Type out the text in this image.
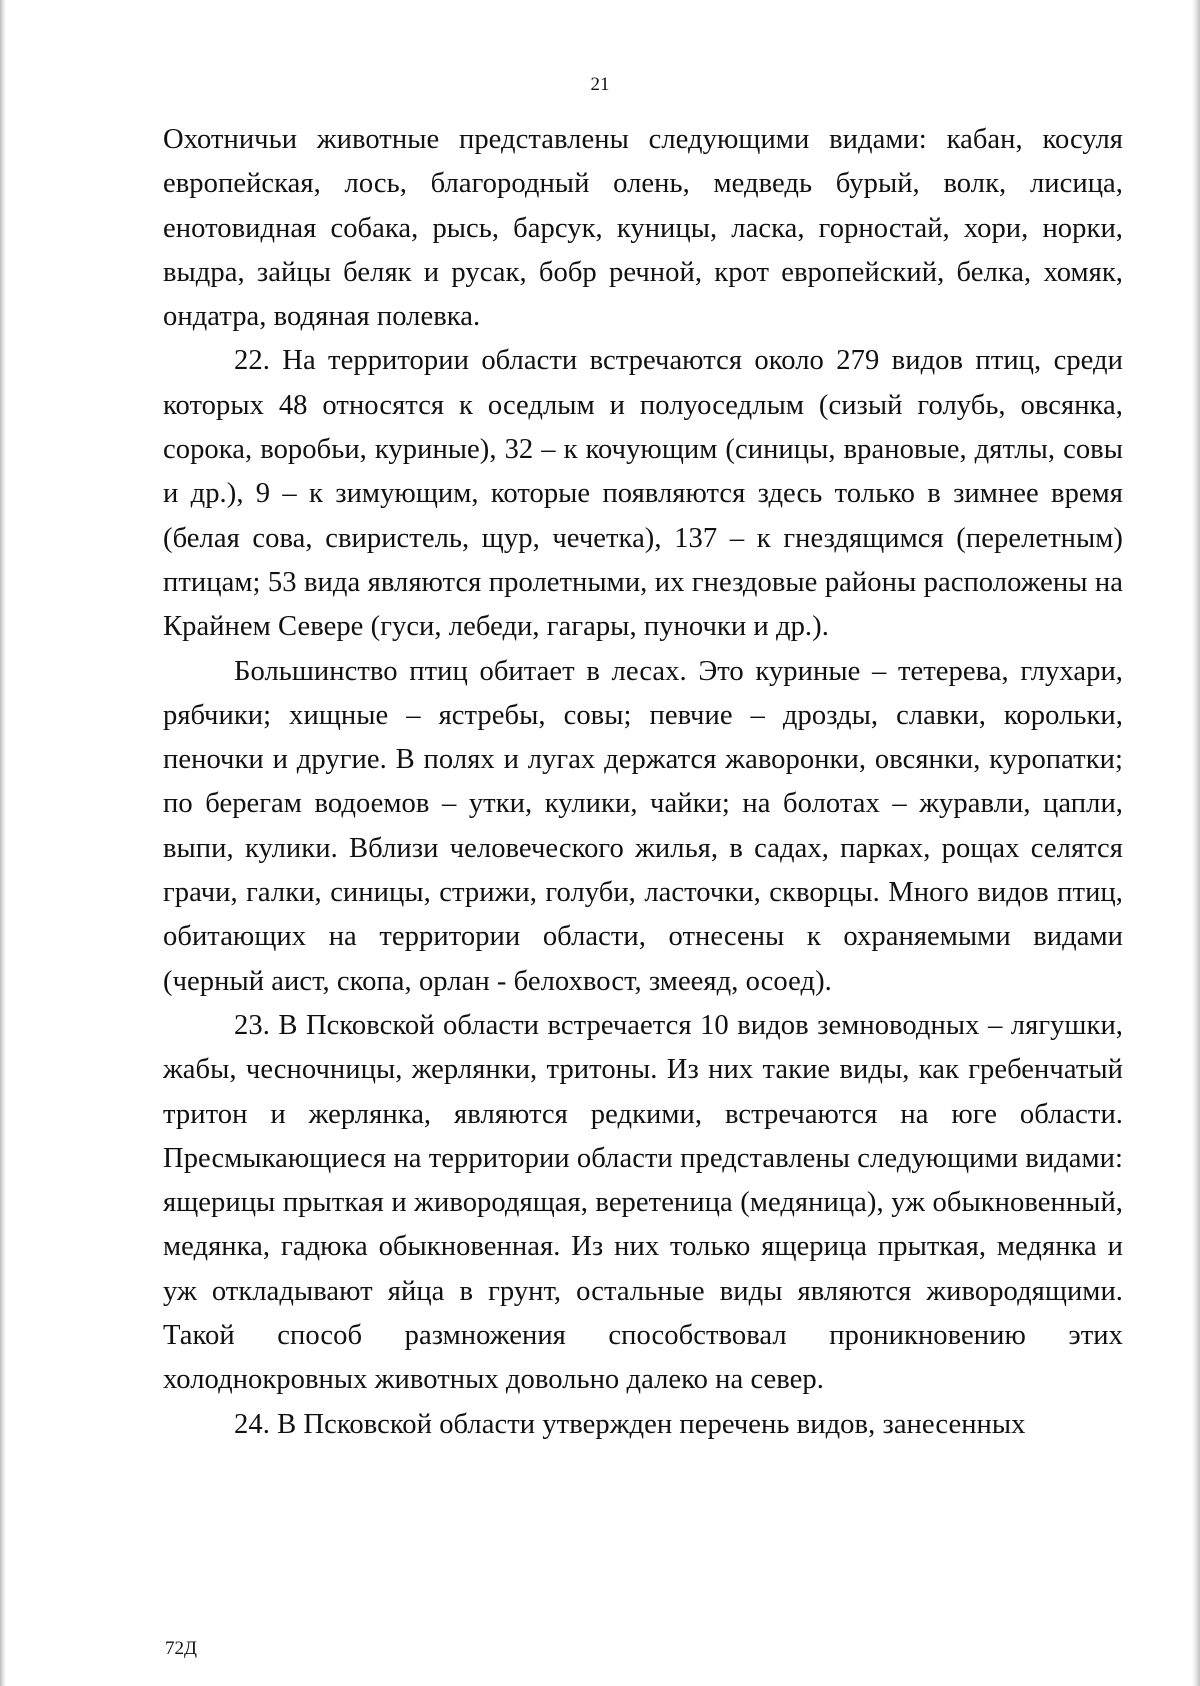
21

Охотничьи животные представлены следующими видами: кабан, косуля европейская, лось, благородный олень, медведь бурый, волк, лисица, енотовидная собака, рысь, барсук, куницы, ласка, горностай, хори, норки, выдра, зайцы беляк и русак, бобр речной, крот европейский, белка, хомяк, ондатра, водяная полевка.

22. На территории области встречаются около 279 видов птиц, среди которых 48 относятся к оседлым и полуоседлым (сизый голубь, овсянка, сорока, воробьи, куриные), 32 – к кочующим (синицы, врановые, дятлы, совы и др.), 9 – к зимующим, которые появляются здесь только в зимнее время (белая сова, свиристель, щур, чечетка), 137 – к гнездящимся (перелетным) птицам; 53 вида являются пролетными, их гнездовые районы расположены на Крайнем Севере (гуси, лебеди, гагары, пуночки и др.).

Большинство птиц обитает в лесах. Это куриные – тетерева, глухари, рябчики; хищные – ястребы, совы; певчие – дрозды, славки, корольки, пеночки и другие. В полях и лугах держатся жаворонки, овсянки, куропатки; по берегам водоемов – утки, кулики, чайки; на болотах – журавли, цапли, выпи, кулики. Вблизи человеческого жилья, в садах, парках, рощах селятся грачи, галки, синицы, стрижи, голуби, ласточки, скворцы. Много видов птиц, обитающих на территории области, отнесены к охраняемыми видами (черный аист, скопа, орлан - белохвост, змееяд, осоед).

23. В Псковской области встречается 10 видов земноводных – лягушки, жабы, чесночницы, жерлянки, тритоны. Из них такие виды, как гребенчатый тритон и жерлянка, являются редкими, встречаются на юге области. Пресмыкающиеся на территории области представлены следующими видами: ящерицы прыткая и живородящая, веретеница (медяница), уж обыкновенный, медянка, гадюка обыкновенная. Из них только ящерица прыткая, медянка и уж откладывают яйца в грунт, остальные виды являются живородящими. Такой способ размножения способствовал проникновению этих холоднокровных животных довольно далеко на север.

24. В Псковской области утвержден перечень видов, занесенных

72Д
